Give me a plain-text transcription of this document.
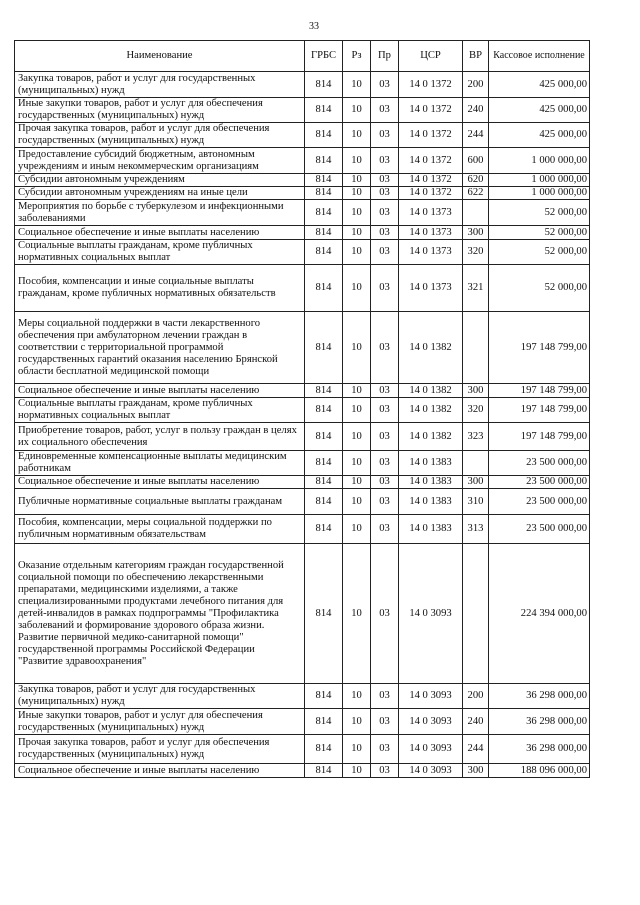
33
Наименование	ГРБС	Рз	Пр	ЦСР	ВР	Кассовое исполнение
Закупка товаров, работ и услуг для государственных (муниципальных) нужд	814	10	03	14 0 1372	200	425 000,00
Иные закупки товаров, работ и услуг для обеспечения государственных (муниципальных) нужд	814	10	03	14 0 1372	240	425 000,00
Прочая закупка товаров, работ и услуг для обеспечения государственных (муниципальных) нужд	814	10	03	14 0 1372	244	425 000,00
Предоставление субсидий бюджетным, автономным учреждениям и иным некоммерческим организациям	814	10	03	14 0 1372	600	1 000 000,00
Субсидии автономным учреждениям	814	10	03	14 0 1372	620	1 000 000,00
Субсидии автономным учреждениям на иные цели	814	10	03	14 0 1372	622	1 000 000,00
Мероприятия по борьбе с туберкулезом и инфекционными заболеваниями	814	10	03	14 0 1373		52 000,00
Социальное обеспечение и иные выплаты населению	814	10	03	14 0 1373	300	52 000,00
Социальные выплаты гражданам, кроме публичных нормативных социальных выплат	814	10	03	14 0 1373	320	52 000,00
Пособия, компенсации и иные социальные выплаты гражданам, кроме публичных нормативных обязательств	814	10	03	14 0 1373	321	52 000,00
Меры социальной поддержки в части лекарственного обеспечения при амбулаторном лечении граждан в соответствии с территориальной программой государственных гарантий оказания населению Брянской области бесплатной медицинской помощи	814	10	03	14 0 1382		197 148 799,00
Социальное обеспечение и иные выплаты населению	814	10	03	14 0 1382	300	197 148 799,00
Социальные выплаты гражданам, кроме публичных нормативных социальных выплат	814	10	03	14 0 1382	320	197 148 799,00
Приобретение товаров, работ, услуг в пользу граждан в целях их социального обеспечения	814	10	03	14 0 1382	323	197 148 799,00
Единовременные компенсационные выплаты медицинским работникам	814	10	03	14 0 1383		23 500 000,00
Социальное обеспечение и иные выплаты населению	814	10	03	14 0 1383	300	23 500 000,00
Публичные нормативные социальные выплаты гражданам	814	10	03	14 0 1383	310	23 500 000,00
Пособия, компенсации, меры социальной поддержки по публичным нормативным обязательствам	814	10	03	14 0 1383	313	23 500 000,00
Оказание отдельным категориям граждан государственной социальной помощи по обеспечению лекарственными препаратами, медицинскими изделиями, а также специализированными продуктами лечебного питания для детей-инвалидов в рамках подпрограммы "Профилактика заболеваний и формирование здорового образа жизни. Развитие первичной медико-санитарной помощи" государственной программы Российской Федерации "Развитие здравоохранения"	814	10	03	14 0 3093		224 394 000,00
Закупка товаров, работ и услуг для государственных (муниципальных) нужд	814	10	03	14 0 3093	200	36 298 000,00
Иные закупки товаров, работ и услуг для обеспечения государственных (муниципальных) нужд	814	10	03	14 0 3093	240	36 298 000,00
Прочая закупка товаров, работ и услуг для обеспечения государственных (муниципальных) нужд	814	10	03	14 0 3093	244	36 298 000,00
Социальное обеспечение и иные выплаты населению	814	10	03	14 0 3093	300	188 096 000,00
